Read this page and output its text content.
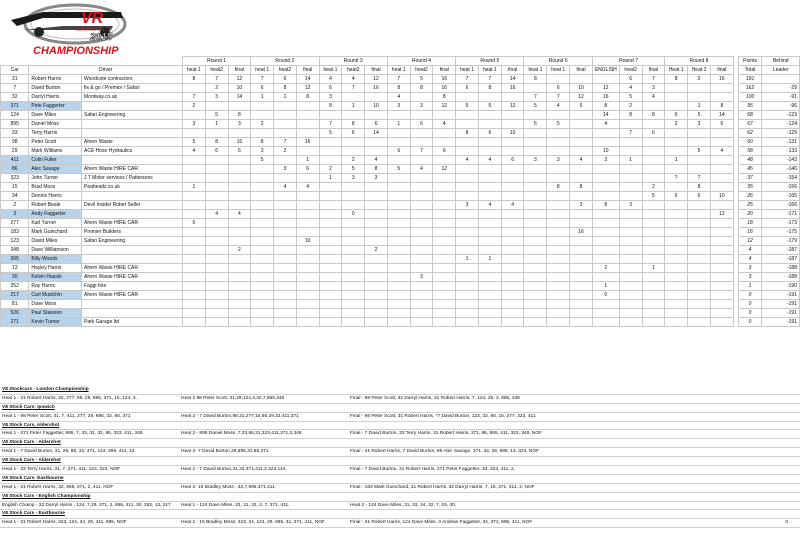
VR
ASSOCIATION
2015
CHAMPIONSHIP
			Round 1			Round 2			Round 3			Round 4			Round 5			Round 6			Round 7			Round 8				Points	Behind
Car	Driver		heat 1	heat2	final	heat 1	heat2	final	heat 1	heat2	final	heat 1	heat2	final	heat 1	heat 1	final	heat 1	heat 1	final	ENGLISH	heat2	final	Heat 1	Heat 2	final		Total	Leader
31	Robert Harris	Woodcote contractors	8	7	12	7	6	14	4	4	12	7	5	16	7	7	14	8				6	7	8	2	16		191	
7	David Burton	fix & go / Premior / Safari		2	10	6	8	12	6	7	16	8	8	16	6	8	16		6	10	12	4	3					162	-29
32	Darryl Harris	Montway.co.uk	7	3	14	1	1	8	3			4		8				7	7	12	16	5	4					100	-91
371	Pete Faggerter		2						8	1	10	3	3	12	5	5	12	5	4	6	8	2			1	8		95	-96
124	Dave Miles	Safari Engineering		5	8																14	8	8	6	5	14		68	-123
895	Daniel Moss		3	1	3	2			7	8	6	1	6	4				6	5		4			2	3	6		67	-124
33	Terry Harris								5	6	14				8	6	10					7	6					62	-129
98	Peter Scott	Ahern Waste	5	8	16	8	7	16																				60	-131
29	Mark Williams	ACE Hose Hydraulics	4	6	6	3	2					6	7	6							10				5	4		58	-133
411	Colin Fuller					5		1		2	4				4	4	6	3	3	4	3	1		1				48	-143
86	Alec Savage	Ahern Waste HIRE CAR					3	6	2	5	8	5	4	12														45	-146
323	John Turner	J T Motor services / Pattersons							1	3	3													7	7			37	-154
15	Brad Moss	Peaheadz.co.uk	1				4	4											8	8			2		8			35	-156
34	Dennis Harris																						5	6	6	10		26	-165
2	Robert Beale	Devil Inside/ Rober Seller													3	4	4			3	8	3						25	-166
3	Andy Faggerter			4	4					0																12		20	-171
277	Karl Turner	Ahern Waste HIRE CAR	6																									18	-173
183	Mark Guinchard	Premier Builders																		16								16	-175
123	David Miles	Safari Engineering						10																				12	-179
348	Dave Williamson				2						2																	4	-187
305	Billy Woods														1	1												4	-187
13	Hayley Harris	Ahern Waste HIRE CAR																			2		1					3	-188
30	Kelvin Hassle	Ahern Waste HIRE CAR											3															3	-188
252	Ray Harris	Faggi hire																			1							1	-190
217	Carl Mustchin	Ahern Waste HIRE CAR																			0							0	-191
81	Dave Moss																											0	-191
526	Paul Stawson																											0	-191
271	Kevin Turner	Park Garage ltd																										0	-191
V8 Stockcars - London Championship
Heat 1 - 31 Robert Harris, 32, 277, 98, 29, 895, 371, 15, 124, 3.	Heat 2 98 Peter Scott, 31,29,124,3,32,7,895,348	Final - 98 Peter Scott, 32 Darryl Harris, 31 Robert Harris, 7, 124, 29, 3, 895, 348
V8 Stock Cars- Ipswich
Heat 1 - 98 Peter Scott, 31, 7, 411, 277, 29, 895, 32, 86, 371	Heat 2 - 7 David Burton,98,31,277,15,86,29,32,411,371	Final - 98 Peter Scott, 31 Robert Harris, *7 David Burton, 123, 32, 86, 15, 277, 323, 411
V8 Stock Cars, Aldershot
Heat 1 - 371 Peter Faggetter, 895, 7, 33, 31, 32, 86, 323, 411, 348.	Heat 2 - 895 Daniel Moss ,7,33,86,31,323,411,371,3,348	Final - 7 David Burton, 33 Terry Harris, 31 Robert Harris, 371, 86, 895, 411, 323, 348, NOF
V8 Stock Cars - Aldershot
Heat 1 - 7 David Burton, 31, 29, 86, 32, 371, 124, 895, 411, 13.	Heat 2- 7 David Burton,29,895,31,86,371	Final - 31 Robert Harris, 7 David Burton, 86 Alec Savage, 371, 32, 29, 895, 13, 323, NOF
V8 Stock Cars - Aldershot
Heat 1 - 33 Terry Harris, 31, 7, 371, 411, 124, 323, NOF	Heat 2 - 7 David Burton,31,33,371,411,2,323,124,	Final - 7 David Burton, 31 Robert Harris, 371 Peter Faggetter, 33, 323, 411, 2,
V8 Stock Cars- Eastbourne
Heat 1 - 31 Robert Harris, 32, 895, 371, 2, 411, NOF	Heat 2- 15 Bradley Moss , 32,7,895,371,411,	Final - 183 Mark Guinchard, 31 Robert Harris, 32 Darryl Harris, 7, 15, 371, 411, 2, NOF
V8 Stock Cars - English Championship
English Champ - 32 Darryl Harris , 124, 7,29, 371, 2, 895, 411, 30, 252, 13, 217 Heat 1 - 124 Dave Miles, 33, 31, 32, 2, 7, 371, 411,	Heat 2 - 124 Dave Miles, 31, 33, 34, 32, 7, 15, 30,
V8 Stock Cars - Eastbourne
Heat 1 - 31 Robert Harris, 323, 124, 34, 29, 411, 895, NOF	Heat 2 - 15 Bradley Moss, 323, 34, 124, 29, 895, 31, 371, 411, NOF	Final - 31 Robert Harris, 124 Dave Miles, 3 Andrew Faggetter, 34, 371, 895, 411, NOF	0
